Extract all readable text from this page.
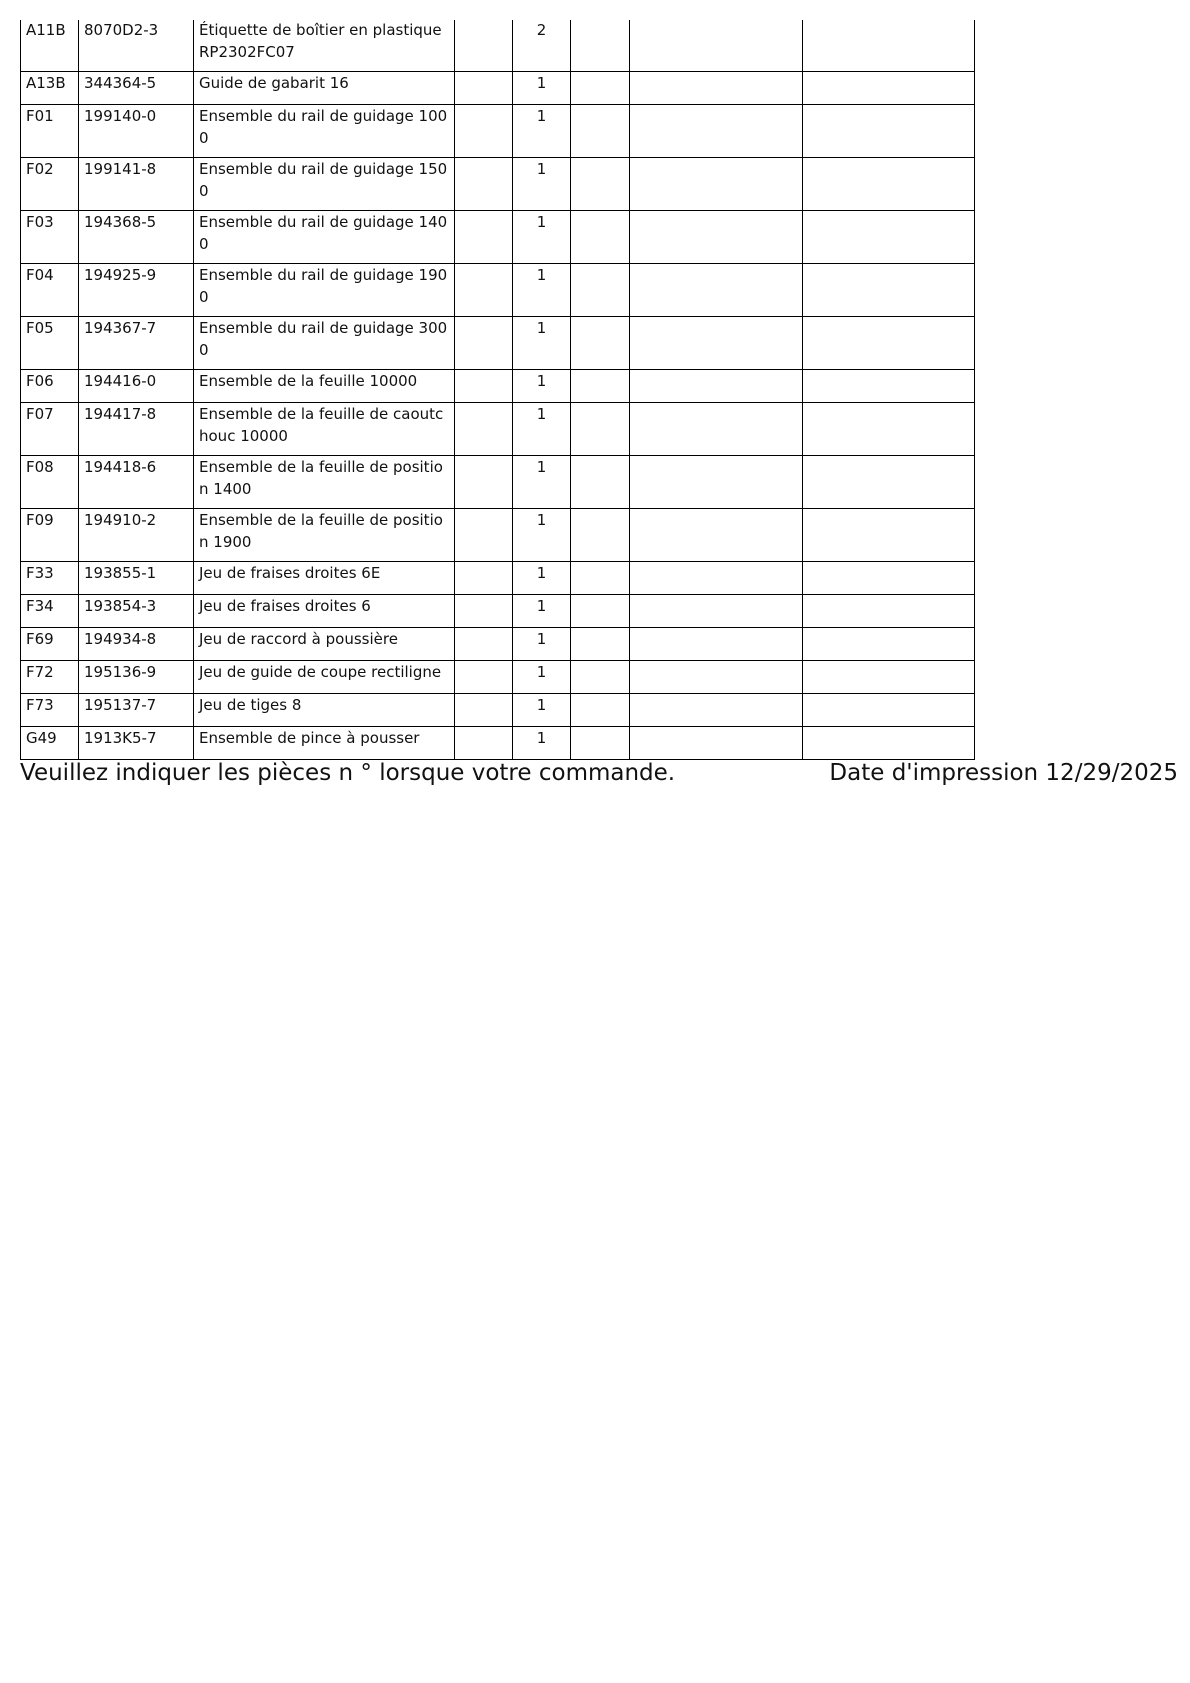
A11B	8070D2-3	Étiquette de boîtier en plastique RP2302FC07		2			
A13B	344364-5	Guide de gabarit 16		1			
F01	199140-0	Ensemble du rail de guidage 1000		1			
F02	199141-8	Ensemble du rail de guidage 1500		1			
F03	194368-5	Ensemble du rail de guidage 1400		1			
F04	194925-9	Ensemble du rail de guidage 1900		1			
F05	194367-7	Ensemble du rail de guidage 3000		1			
F06	194416-0	Ensemble de la feuille 10000		1			
F07	194417-8	Ensemble de la feuille de caoutchouc 10000		1			
F08	194418-6	Ensemble de la feuille de position 1400		1			
F09	194910-2	Ensemble de la feuille de position 1900		1			
F33	193855-1	Jeu de fraises droites 6E		1			
F34	193854-3	Jeu de fraises droites 6		1			
F69	194934-8	Jeu de raccord à poussière		1			
F72	195136-9	Jeu de guide de coupe rectiligne		1			
F73	195137-7	Jeu de tiges 8		1			
G49	1913K5-7	Ensemble de pince à pousser		1			
Veuillez indiquer les pièces n ° lorsque votre commande.	Date d'impression 12/29/2025
